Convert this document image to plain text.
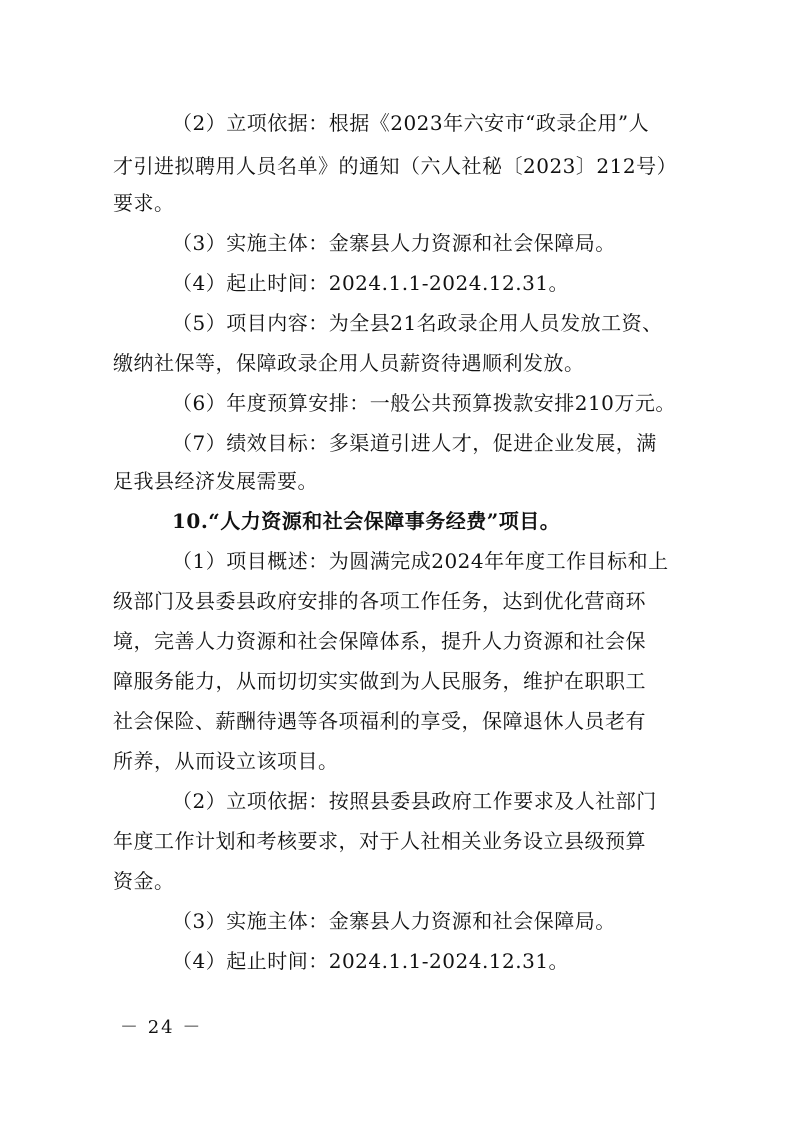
（2）立项依据：根据《2023年六安市“政录企用”人
才引进拟聘用人员名单》的通知（六人社秘〔2023〕212号）
要求。
（3）实施主体：金寨县人力资源和社会保障局。
（4）起止时间：2024.1.1-2024.12.31。
（5）项目内容：为全县21名政录企用人员发放工资、
缴纳社保等，保障政录企用人员薪资待遇顺利发放。
（6）年度预算安排：一般公共预算拨款安排210万元。
（7）绩效目标：多渠道引进人才，促进企业发展，满
足我县经济发展需要。
10.“人力资源和社会保障事务经费”项目。
（1）项目概述：为圆满完成2024年年度工作目标和上
级部门及县委县政府安排的各项工作任务，达到优化营商环
境，完善人力资源和社会保障体系，提升人力资源和社会保
障服务能力，从而切切实实做到为人民服务，维护在职职工
社会保险、薪酬待遇等各项福利的享受，保障退休人员老有
所养，从而设立该项目。
（2）立项依据：按照县委县政府工作要求及人社部门
年度工作计划和考核要求，对于人社相关业务设立县级预算
资金。
（3）实施主体：金寨县人力资源和社会保障局。
（4）起止时间：2024.1.1-2024.12.31。
－ 24 －
